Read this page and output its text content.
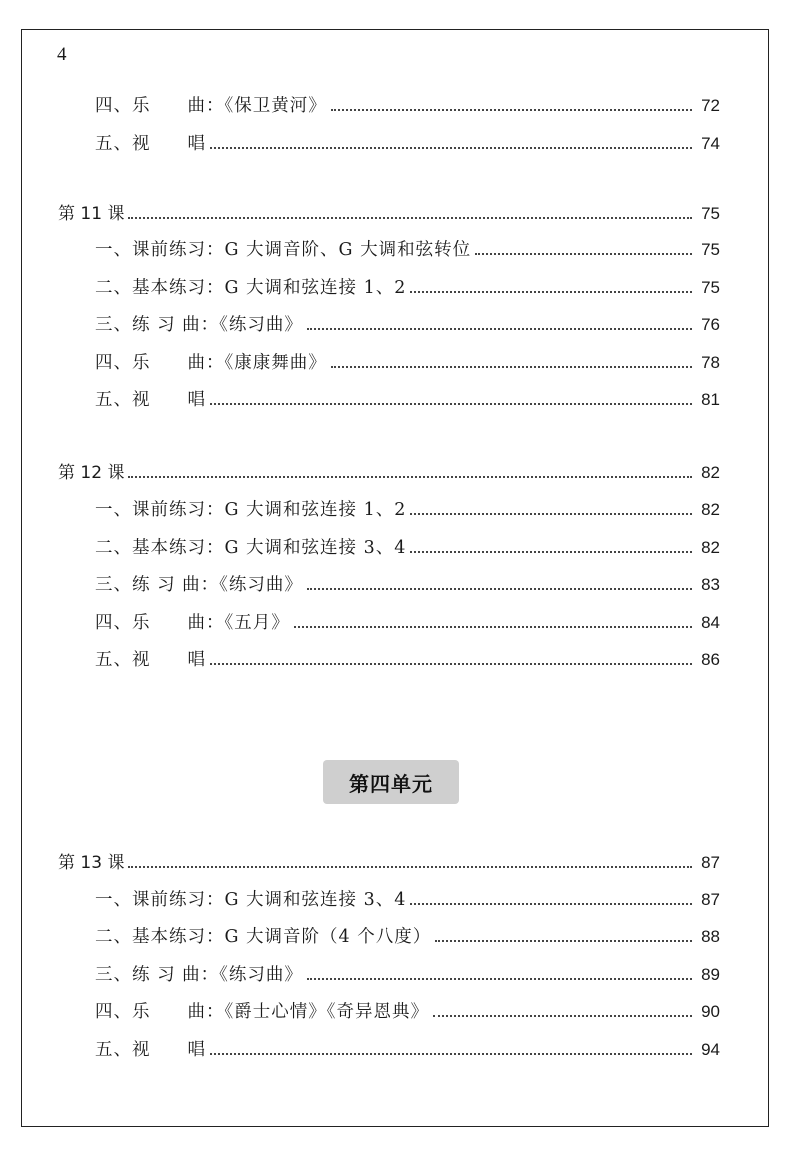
4
四、乐　　曲：《保卫黄河》	72
五、视　　唱	74
第 11 课	75
一、课前练习：G 大调音阶、G 大调和弦转位	75
二、基本练习：G 大调和弦连接 1、2	75
三、练 习 曲：《练习曲》	76
四、乐　　曲：《康康舞曲》	78
五、视　　唱	81
第 12 课	82
一、课前练习：G 大调和弦连接 1、2	82
二、基本练习：G 大调和弦连接 3、4	82
三、练 习 曲：《练习曲》	83
四、乐　　曲：《五月》	84
五、视　　唱	86
第四单元
第 13 课	87
一、课前练习：G 大调和弦连接 3、4	87
二、基本练习：G 大调音阶（4 个八度）	88
三、练 习 曲：《练习曲》	89
四、乐　　曲：《爵士心情》《奇异恩典》	90
五、视　　唱	94
